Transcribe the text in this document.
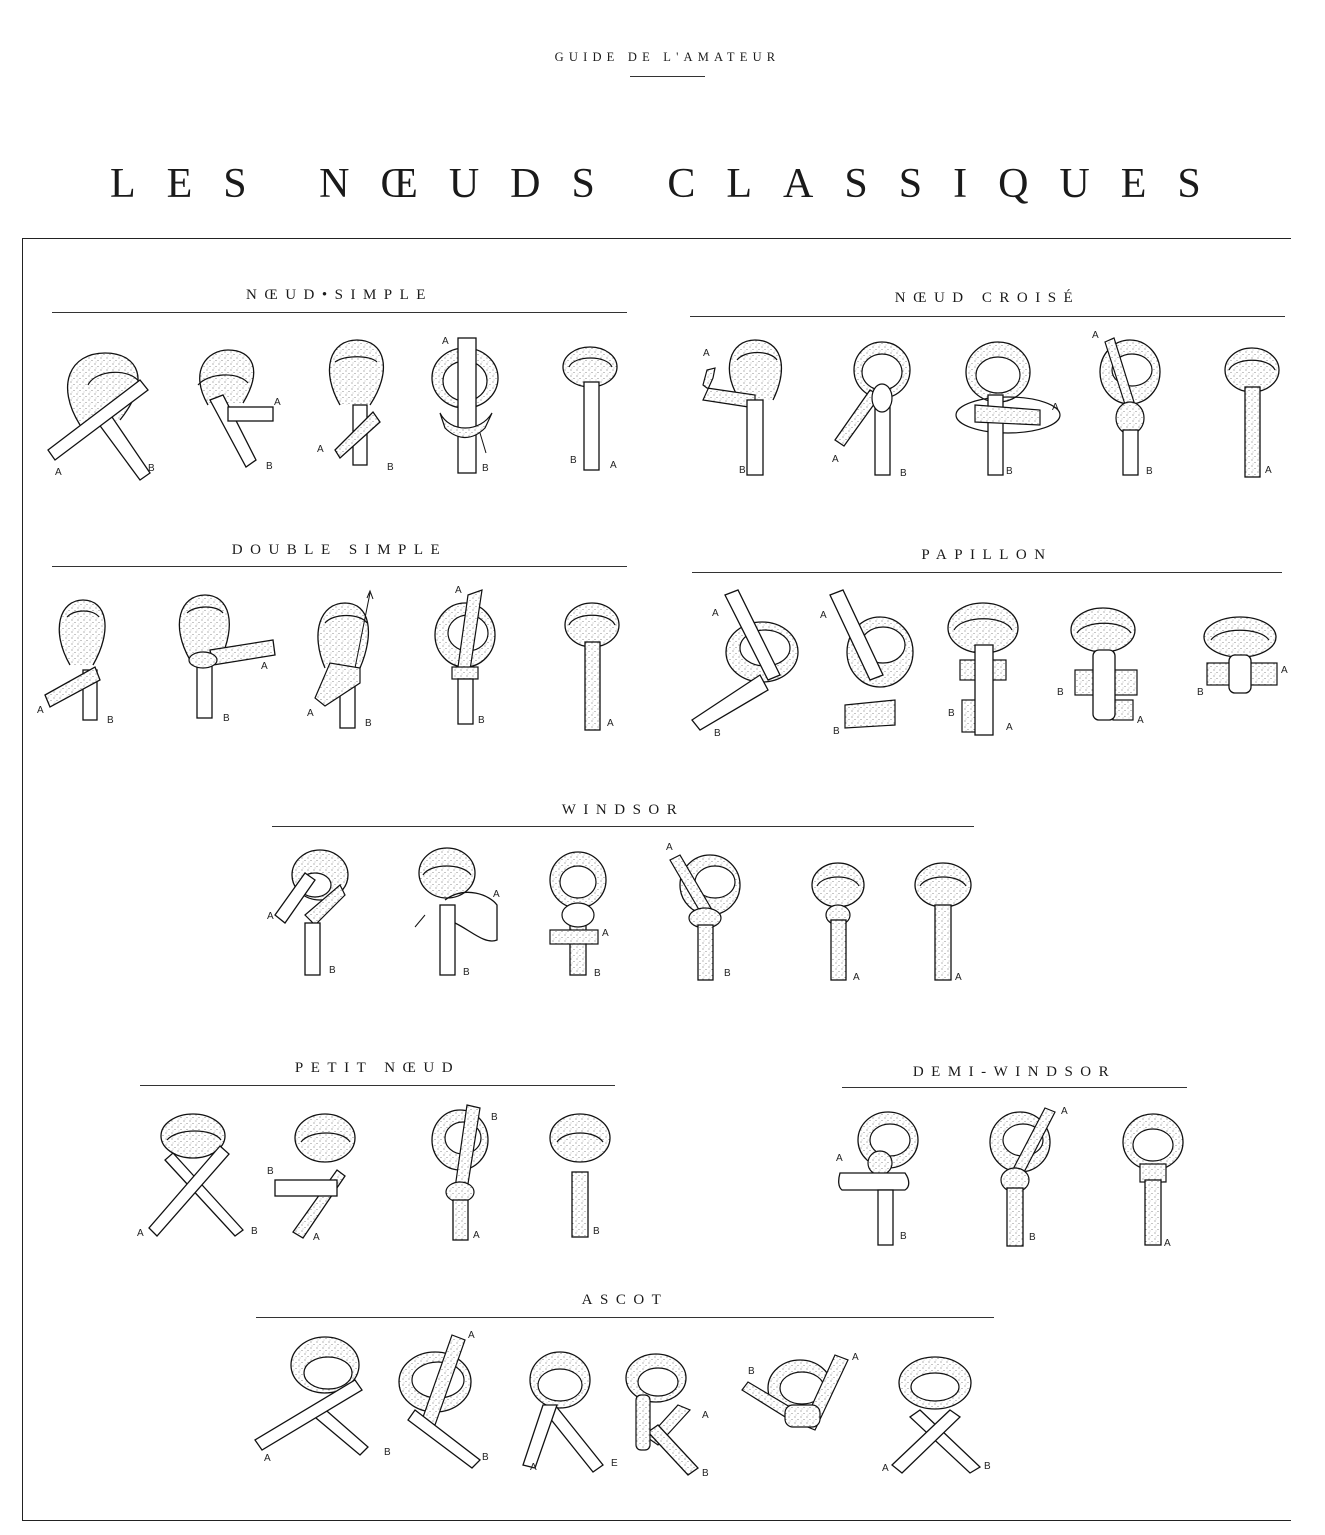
GUIDE DE L'AMATEUR
LES NŒUDS CLASSIQUES
NŒUD•SIMPLE	NŒUD CROISÉ
DOUBLE SIMPLE	PAPILLON
WINDSOR
PETIT NŒUD	DEMI-WINDSOR
ASCOT
A	B
A
B
A
B
A
B
B	A
A
B
A
B
A
B
A
B	A
A
B
A
B	A
B
A
B	A
A
B
A
B
B
A
B
A
B
A
A
B
A
B
A
B
A
B	A	A
A	B
B
A
B
A	B
A
B
A
B
A
A
B
A
B
A	E
A
B
B
A
A	B
